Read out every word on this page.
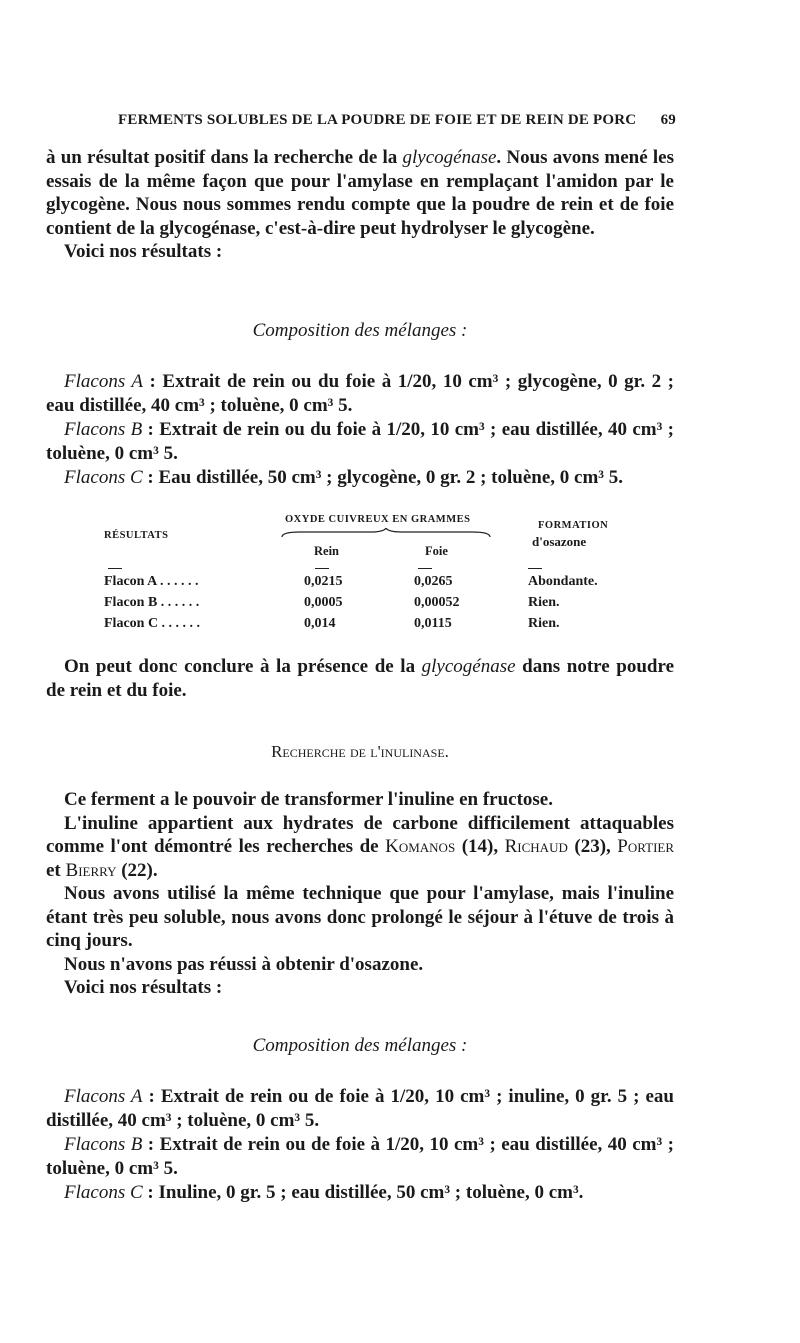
FERMENTS SOLUBLES DE LA POUDRE DE FOIE ET DE REIN DE PORC 69

à un résultat positif dans la recherche de la glycogénase. Nous avons mené les essais de la même façon que pour l'amylase en remplaçant l'amidon par le glycogène. Nous nous sommes rendu compte que la poudre de rein et de foie contient de la glycogénase, c'est-à-dire peut hydrolyser le glycogène.

Voici nos résultats :

Composition des mélanges :

Flacons A : Extrait de rein ou du foie à 1/20, 10 cm³ ; glycogène, 0 gr. 2 ; eau distillée, 40 cm³ ; toluène, 0 cm³ 5.

Flacons B : Extrait de rein ou du foie à 1/20, 10 cm³ ; eau distillée, 40 cm³ ; toluène, 0 cm³ 5.

Flacons C : Eau distillée, 50 cm³ ; glycogène, 0 gr. 2 ; toluène, 0 cm³ 5.

RÉSULTATS
OXYDE CUIVREUX EN GRAMMES
Rein	Foie
FORMATION
d'osazone
Flacon A . . . . . .	0,0215	0,0265	Abondante.
Flacon B . . . . . .	0,0005	0,00052	Rien.
Flacon C . . . . . .	0,014	0,0115	Rien.

On peut donc conclure à la présence de la glycogénase dans notre poudre de rein et du foie.

Recherche de l'inulinase.

Ce ferment a le pouvoir de transformer l'inuline en fructose.

L'inuline appartient aux hydrates de carbone difficilement attaquables comme l'ont démontré les recherches de Komanos (14), Richaud (23), Portier et Bierry (22).

Nous avons utilisé la même technique que pour l'amylase, mais l'inuline étant très peu soluble, nous avons donc prolongé le séjour à l'étuve de trois à cinq jours.

Nous n'avons pas réussi à obtenir d'osazone.

Voici nos résultats :

Composition des mélanges :

Flacons A : Extrait de rein ou de foie à 1/20, 10 cm³ ; inuline, 0 gr. 5 ; eau distillée, 40 cm³ ; toluène, 0 cm³ 5.

Flacons B : Extrait de rein ou de foie à 1/20, 10 cm³ ; eau distillée, 40 cm³ ; toluène, 0 cm³ 5.

Flacons C : Inuline, 0 gr. 5 ; eau distillée, 50 cm³ ; toluène, 0 cm³.
